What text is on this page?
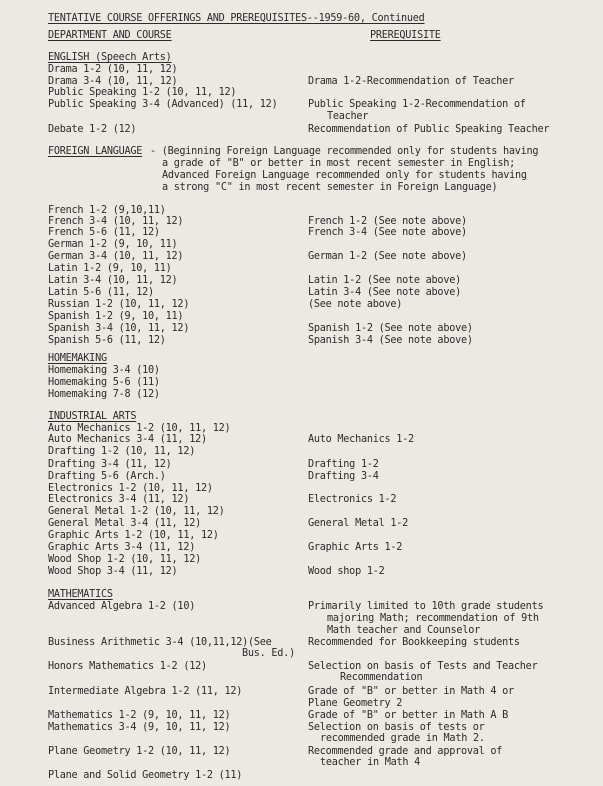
TENTATIVE COURSE OFFERINGS AND PREREQUISITES--1959-60, Continued
DEPARTMENT AND COURSE	PREREQUISITE
ENGLISH (Speech Arts)
Drama 1-2 (10, 11, 12)
Drama 3-4 (10, 11, 12)	Drama 1-2-Recommendation of Teacher
Public Speaking 1-2 (10, 11, 12)
Public Speaking 3-4 (Advanced) (11, 12)	Public Speaking 1-2-Recommendation of
Teacher
Debate 1-2 (12)	Recommendation of Public Speaking Teacher
FOREIGN LANGUAGE - (Beginning Foreign Language recommended only for students having
a grade of "B" or better in most recent semester in English;
Advanced Foreign Language recommended only for students having
a strong "C" in most recent semester in Foreign Language)
French 1-2 (9,10,11)
French 3-4 (10, 11, 12)	French 1-2 (See note above)
French 5-6 (11, 12)	French 3-4 (See note above)
German 1-2 (9, 10, 11)
German 3-4 (10, 11, 12)	German 1-2 (See note above)
Latin 1-2 (9, 10, 11)
Latin 3-4 (10, 11, 12)	Latin 1-2 (See note above)
Latin 5-6 (11, 12)	Latin 3-4 (See note above)
Russian 1-2 (10, 11, 12)	(See note above)
Spanish 1-2 (9, 10, 11)
Spanish 3-4 (10, 11, 12)	Spanish 1-2 (See note above)
Spanish 5-6 (11, 12)	Spanish 3-4 (See note above)
HOMEMAKING
Homemaking 3-4 (10)
Homemaking 5-6 (11)
Homemaking 7-8 (12)
INDUSTRIAL ARTS
Auto Mechanics 1-2 (10, 11, 12)
Auto Mechanics 3-4 (11, 12)	Auto Mechanics 1-2
Drafting 1-2 (10, 11, 12)
Drafting 3-4 (11, 12)	Drafting 1-2
Drafting 5-6 (Arch.)	Drafting 3-4
Electronics 1-2 (10, 11, 12)
Electronics 3-4 (11, 12)	Electronics 1-2
General Metal 1-2 (10, 11, 12)
General Metal 3-4 (11, 12)	General Metal 1-2
Graphic Arts 1-2 (10, 11, 12)
Graphic Arts 3-4 (11, 12)	Graphic Arts 1-2
Wood Shop 1-2 (10, 11, 12)
Wood Shop 3-4 (11, 12)	Wood shop 1-2
MATHEMATICS
Advanced Algebra 1-2 (10)	Primarily limited to 10th grade students
majoring Math; recommendation of 9th
Math teacher and Counselor
Business Arithmetic 3-4 (10,11,12)(See	Recommended for Bookkeeping students
Bus. Ed.)
Honors Mathematics 1-2 (12)	Selection on basis of Tests and Teacher
Recommendation
Intermediate Algebra 1-2 (11, 12)	Grade of "B" or better in Math 4 or
Plane Geometry 2
Mathematics 1-2 (9, 10, 11, 12)	Grade of "B" or better in Math A B
Mathematics 3-4 (9, 10, 11, 12)	Selection on basis of tests or
recommended grade in Math 2.
Plane Geometry 1-2 (10, 11, 12)	Recommended grade and approval of
teacher in Math 4
Plane and Solid Geometry 1-2 (11)
